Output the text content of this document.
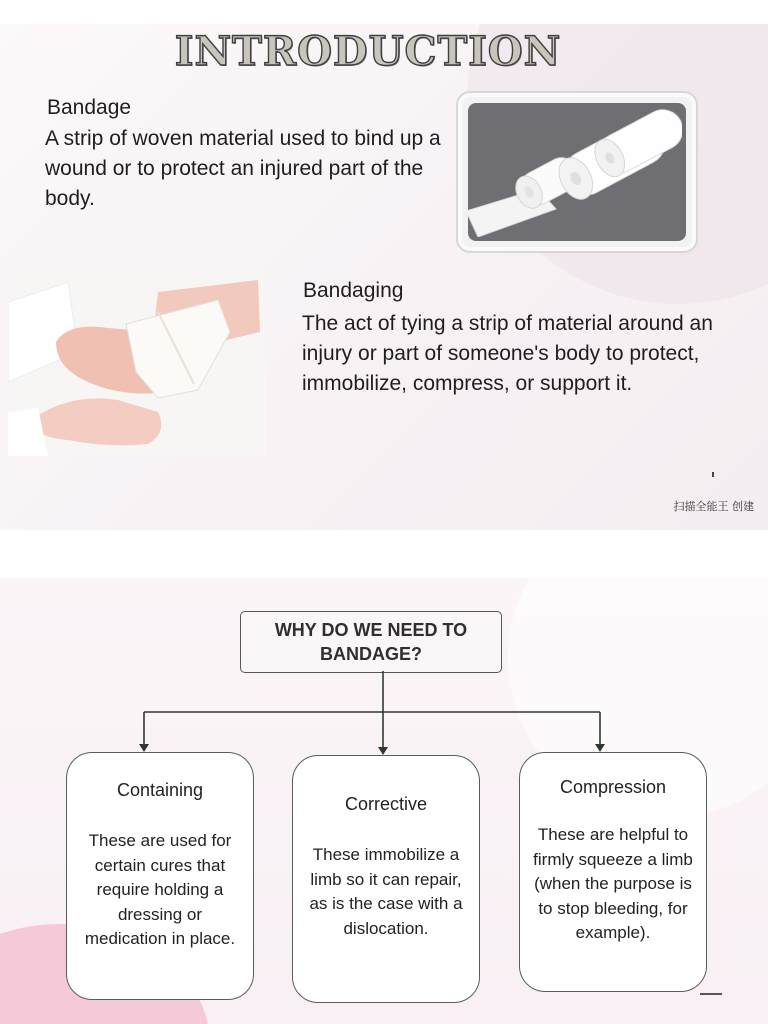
INTRODUCTION
Bandage
A strip of woven material used to bind up a wound or to protect an injured part of the body.
Bandaging
The act of tying a strip of material around an injury or part of someone's body to protect, immobilize, compress, or support it.
扫描全能王 创建
WHY DO WE NEED TO BANDAGE?
Containing
These are used for certain cures that require holding a dressing or medication in place.
Corrective
These immobilize a limb so it can repair, as is the case with a dislocation.
Compression
These are helpful to firmly squeeze a limb (when the purpose is to stop bleeding, for example).
